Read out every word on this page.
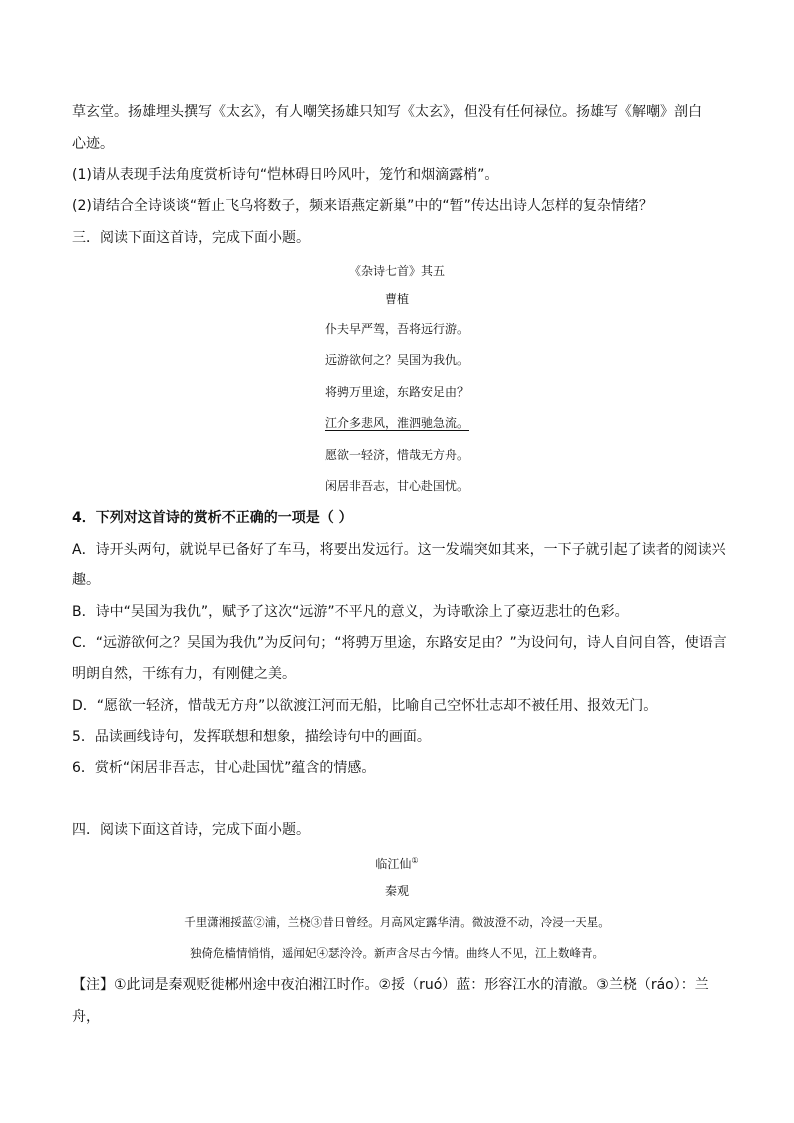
草玄堂。扬雄埋头撰写《太玄》，有人嘲笑扬雄只知写《太玄》，但没有任何禄位。扬雄写《解嘲》剖白
心迹。
(1)请从表现手法角度赏析诗句“恺林碍日吟风叶，笼竹和烟滴露梢”。
(2)请结合全诗谈谈“暂止飞乌将数子，频来语燕定新巢”中的“暂”传达出诗人怎样的复杂情绪？
三．阅读下面这首诗，完成下面小题。
《杂诗七首》其五
曹植
仆夫早严驾，吾将远行游。
远游欲何之？吴国为我仇。
将骋万里途，东路安足由？
江介多悲风，淮泗驰急流。
愿欲一轻济，惜哉无方舟。
闲居非吾志，甘心赴国忧。
4．下列对这首诗的赏析不正确的一项是（ ）
A．诗开头两句，就说早已备好了车马，将要出发远行。这一发端突如其来，一下子就引起了读者的阅读兴
趣。
B．诗中“吴国为我仇”，赋予了这次“远游”不平凡的意义，为诗歌涂上了豪迈悲壮的色彩。
C．“远游欲何之？吴国为我仇”为反问句；“将骋万里途，东路安足由？”为设问句，诗人自问自答，使语言
明朗自然，干练有力，有刚健之美。
D．“愿欲一轻济，惜哉无方舟”以欲渡江河而无船，比喻自己空怀壮志却不被任用、报效无门。
5．品读画线诗句，发挥联想和想象，描绘诗句中的画面。
6．赏析“闲居非吾志，甘心赴国忧”蕴含的情感。
四．阅读下面这首诗，完成下面小题。
临江仙①
秦观
千里潇湘挼蓝②浦，兰桡③昔日曾经。月高风定露华清。微波澄不动，冷浸一天星。
独倚危樯情悄悄，遥闻妃④瑟泠泠。新声含尽古今情。曲终人不见，江上数峰青。
【注】①此词是秦观贬徙郴州途中夜泊湘江时作。②挼（ruó）蓝：形容江水的清澈。③兰桡（ráo）：兰
舟，
